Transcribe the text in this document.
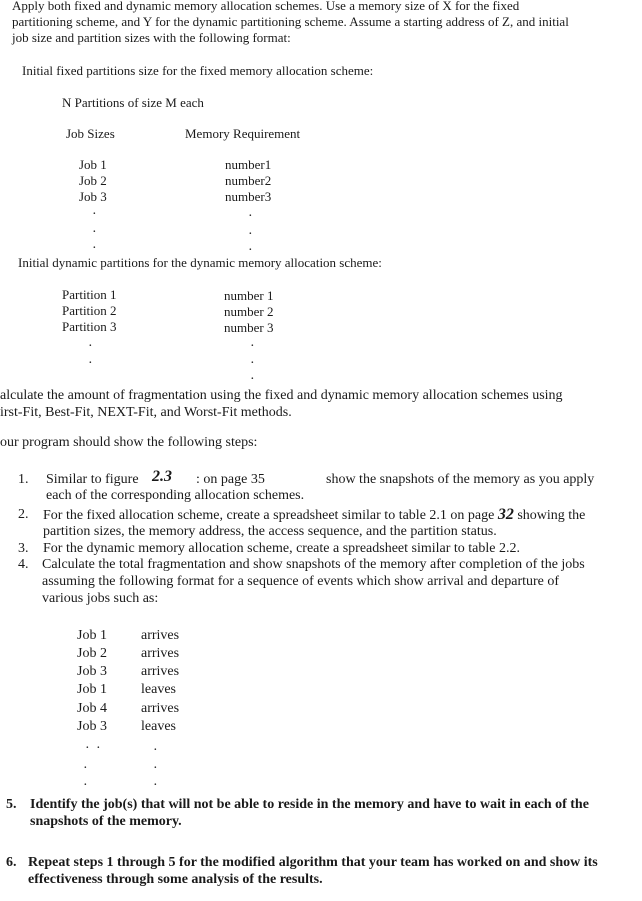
Apply both fixed and dynamic memory allocation schemes. Use a memory size of X for the fixed
partitioning scheme, and Y for the dynamic partitioning scheme. Assume a starting address of Z, and initial
job size and partition sizes with the following format:
Initial fixed partitions size for the fixed memory allocation scheme:
N Partitions of size M each
Job Sizes	Memory Requirement
Job 1	number1
Job 2	number2
Job 3	number3
·
·
·
·
·
·
Initial dynamic partitions for the dynamic memory allocation scheme:
Partition 1	number 1
Partition 2	number 2
Partition 3	number 3
·
·
·
·
·
alculate the amount of fragmentation using the fixed and dynamic memory allocation schemes using
irst-Fit, Best-Fit, NEXT-Fit, and Worst-Fit methods.
our program should show the following steps:
1. Similar to figure 2.3 : on page 35	show the snapshots of the memory as you apply
each of the corresponding allocation schemes.
2. For the fixed allocation scheme, create a spreadsheet similar to table 2.1 on page 32 showing the
partition sizes, the memory address, the access sequence, and the partition status.
3. For the dynamic memory allocation scheme, create a spreadsheet similar to table 2.2.
4. Calculate the total fragmentation and show snapshots of the memory after completion of the jobs
assuming the following format for a sequence of events which show arrival and departure of
various jobs such as:
Job 1 arrives
Job 2 arrives
Job 3 arrives
Job 1 leaves
Job 4 arrives
Job 3 leaves
· ·
·
·
·
·
·
5. Identify the job(s) that will not be able to reside in the memory and have to wait in each of the
snapshots of the memory.
6. Repeat steps 1 through 5 for the modified algorithm that your team has worked on and show its
effectiveness through some analysis of the results.
